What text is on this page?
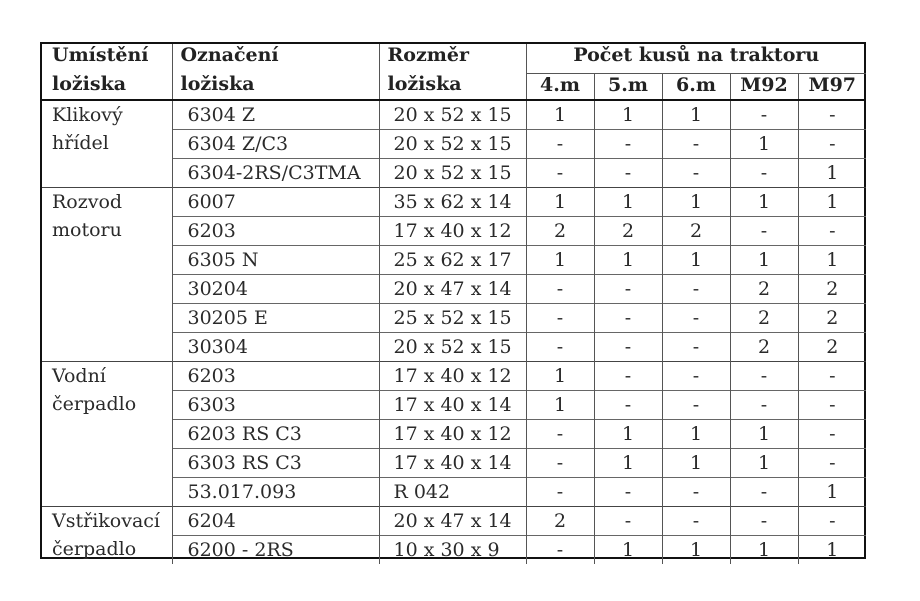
Umístění	Označení	Rozměr	Počet kusů na traktoru				
ložiska	ložiska	ložiska	4.m	5.m	6.m	M92	M97

Klikový
hřídel	6304 Z	20 x 52 x 15	1	1	1	-	-
	6304 Z/C3	20 x 52 x 15	-	-	-	1	-
	6304-2RS/C3TMA	20 x 52 x 15	-	-	-	-	1

Rozvod
motoru	6007	35 x 62 x 14	1	1	1	1	1
	6203	17 x 40 x 12	2	2	2	-	-
	6305 N	25 x 62 x 17	1	1	1	1	1
	30204	20 x 47 x 14	-	-	-	2	2
	30205 E	25 x 52 x 15	-	-	-	2	2
	30304	20 x 52 x 15	-	-	-	2	2

Vodní
čerpadlo	6203	17 x 40 x 12	1	-	-	-	-
	6303	17 x 40 x 14	1	-	-	-	-
	6203 RS C3	17 x 40 x 12	-	1	1	1	-
	6303 RS C3	17 x 40 x 14	-	1	1	1	-
	53.017.093	R 042	-	-	-	-	1

Vstřikovací
čerpadlo	6204	20 x 47 x 14	2	-	-	-	-
	6200 - 2RS	10 x 30 x 9	-	1	1	1	1
